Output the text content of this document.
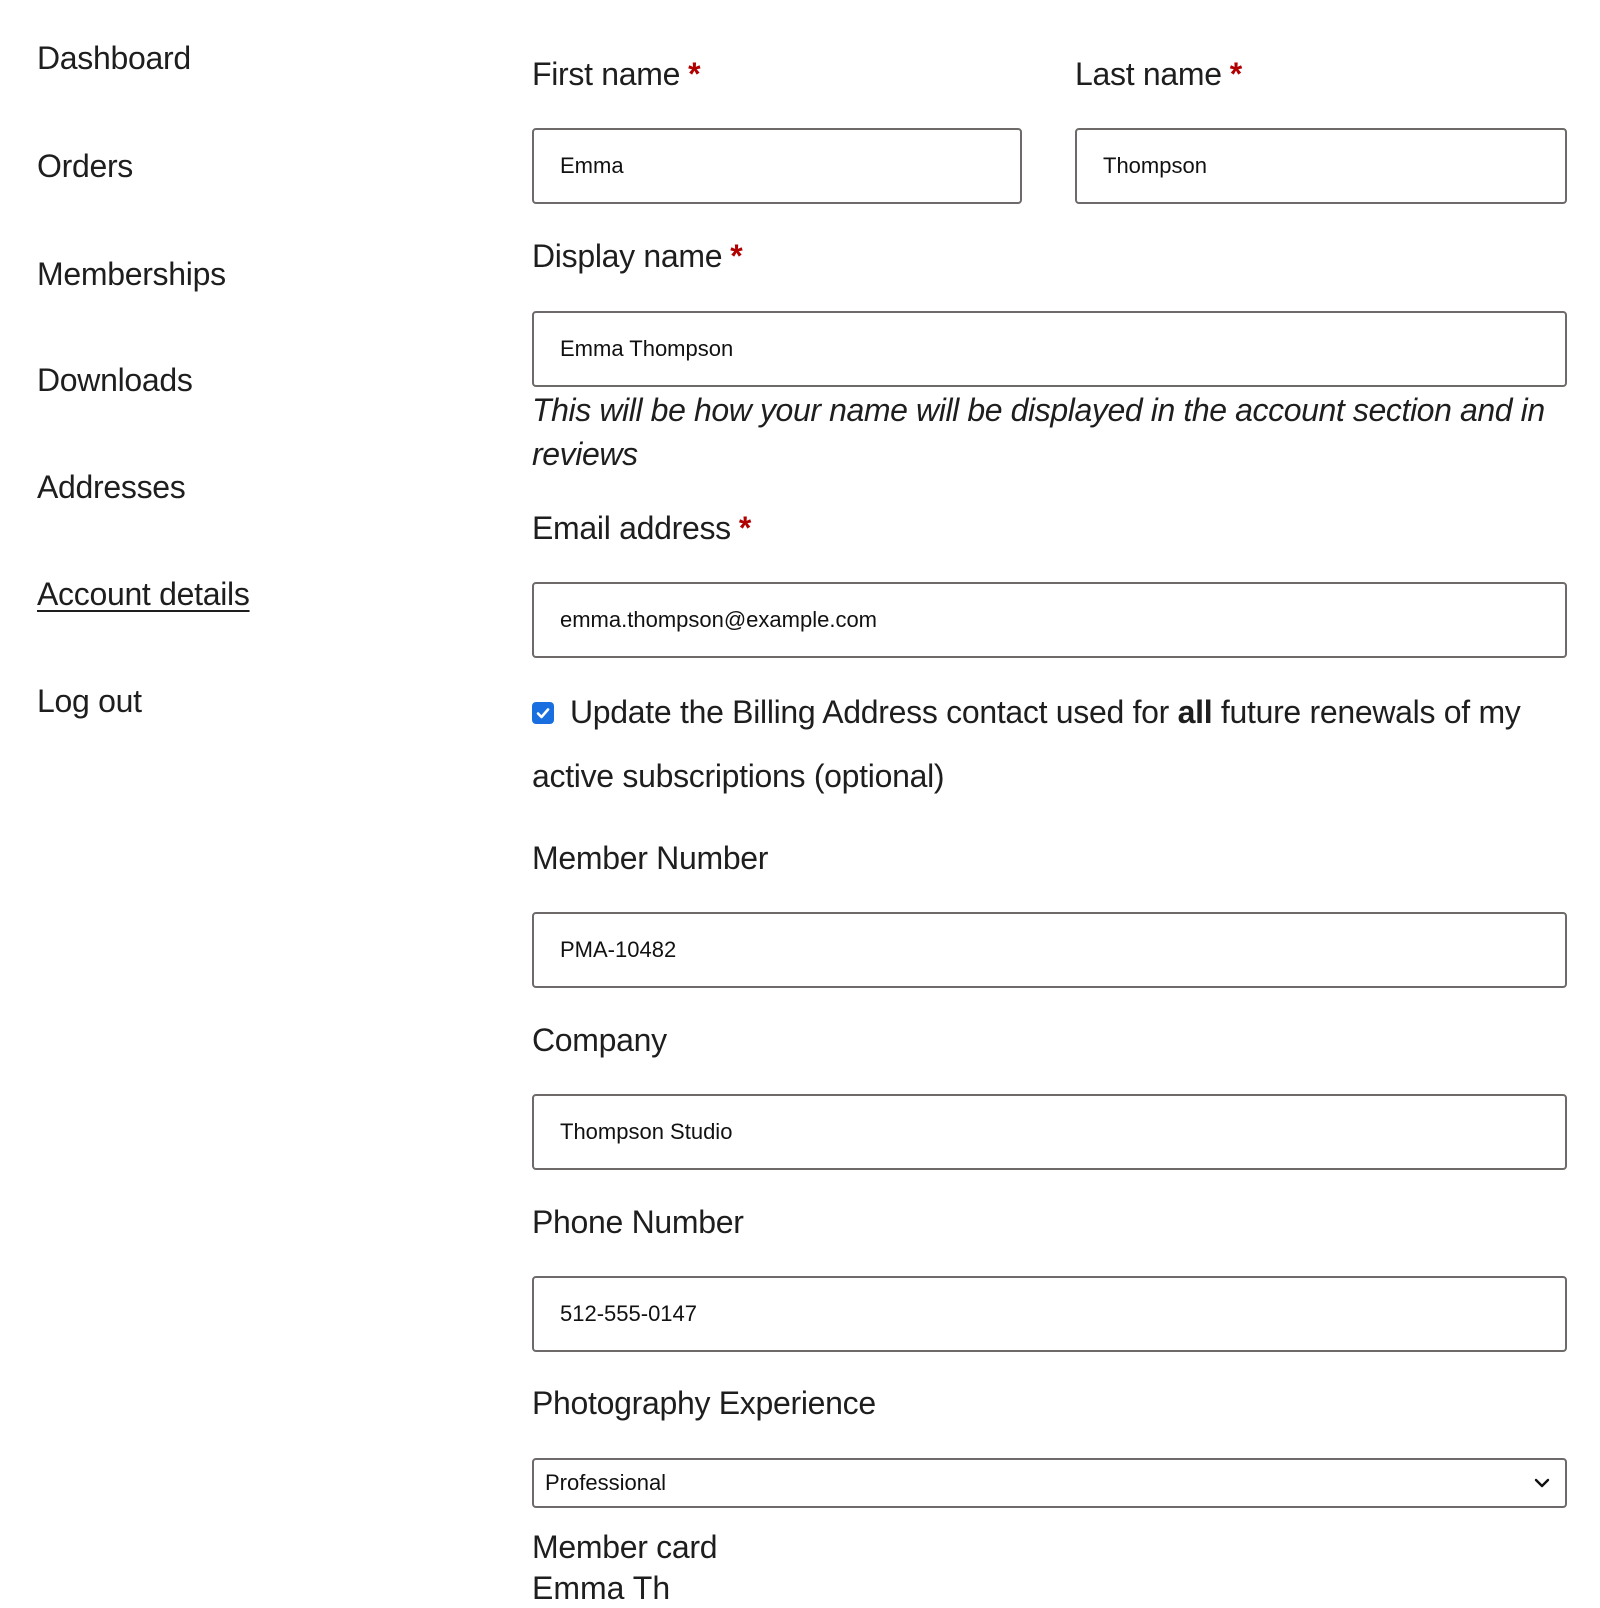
Dashboard
Orders
Memberships
Downloads
Addresses
Account details
Log out
First name *
Emma	Last name *
Thompson
Display name *
Emma Thompson

This will be how your name will be displayed in the account section and in reviews

Email address *
emma.thompson@example.com

Update the Billing Address contact used for all future renewals of my active subscriptions (optional)

Member Number
PMA-10482
Company
Thompson Studio
Phone Number
512-555-0147
Photography Experience
Professional
Member card
Emma Th
